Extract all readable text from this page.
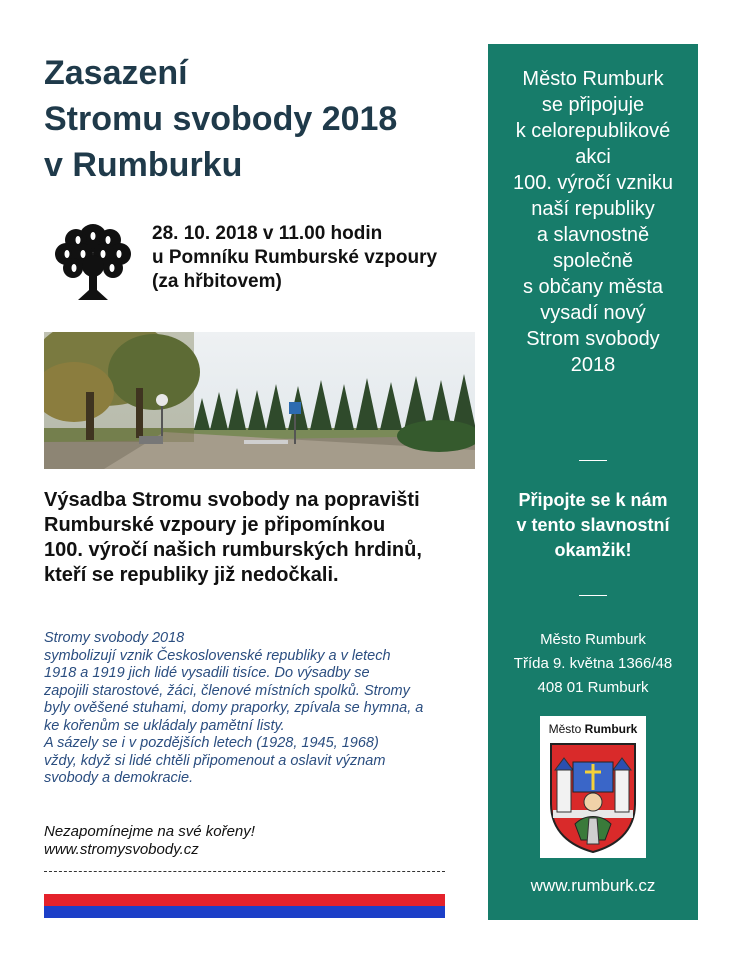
Zasazení
Stromu svobody 2018
v Rumburku
28. 10. 2018 v 11.00 hodin
u Pomníku Rumburské vzpoury
(za hřbitovem)
Výsadba Stromu svobody na popravišti
Rumburské vzpoury je připomínkou
100. výročí našich rumburských hrdinů,
kteří se republiky již nedočkali.
Stromy svobody 2018
symbolizují vznik Československé republiky a v letech
1918 a 1919 jich lidé vysadili tisíce. Do výsadby se
zapojili starostové, žáci, členové místních spolků. Stromy
byly ověšené stuhami, domy praporky, zpívala se hymna, a
ke kořenům se ukládaly pamětní listy.
A sázely se i v pozdějších letech (1928, 1945, 1968)
vždy, když si lidé chtěli připomenout a oslavit význam
svobody a demokracie.
Nezapomínejme na své kořeny!
www.stromysvobody.cz
Město Rumburk
se připojuje
k celorepublikové
akci
100. výročí vzniku
naší republiky
a slavnostně
společně
s občany města
vysadí nový
Strom svobody
2018
Připojte se k nám
v tento slavnostní
okamžik!
Město Rumburk
Třída 9. května 1366/48
408 01 Rumburk
Město Rumburk
www.rumburk.cz
